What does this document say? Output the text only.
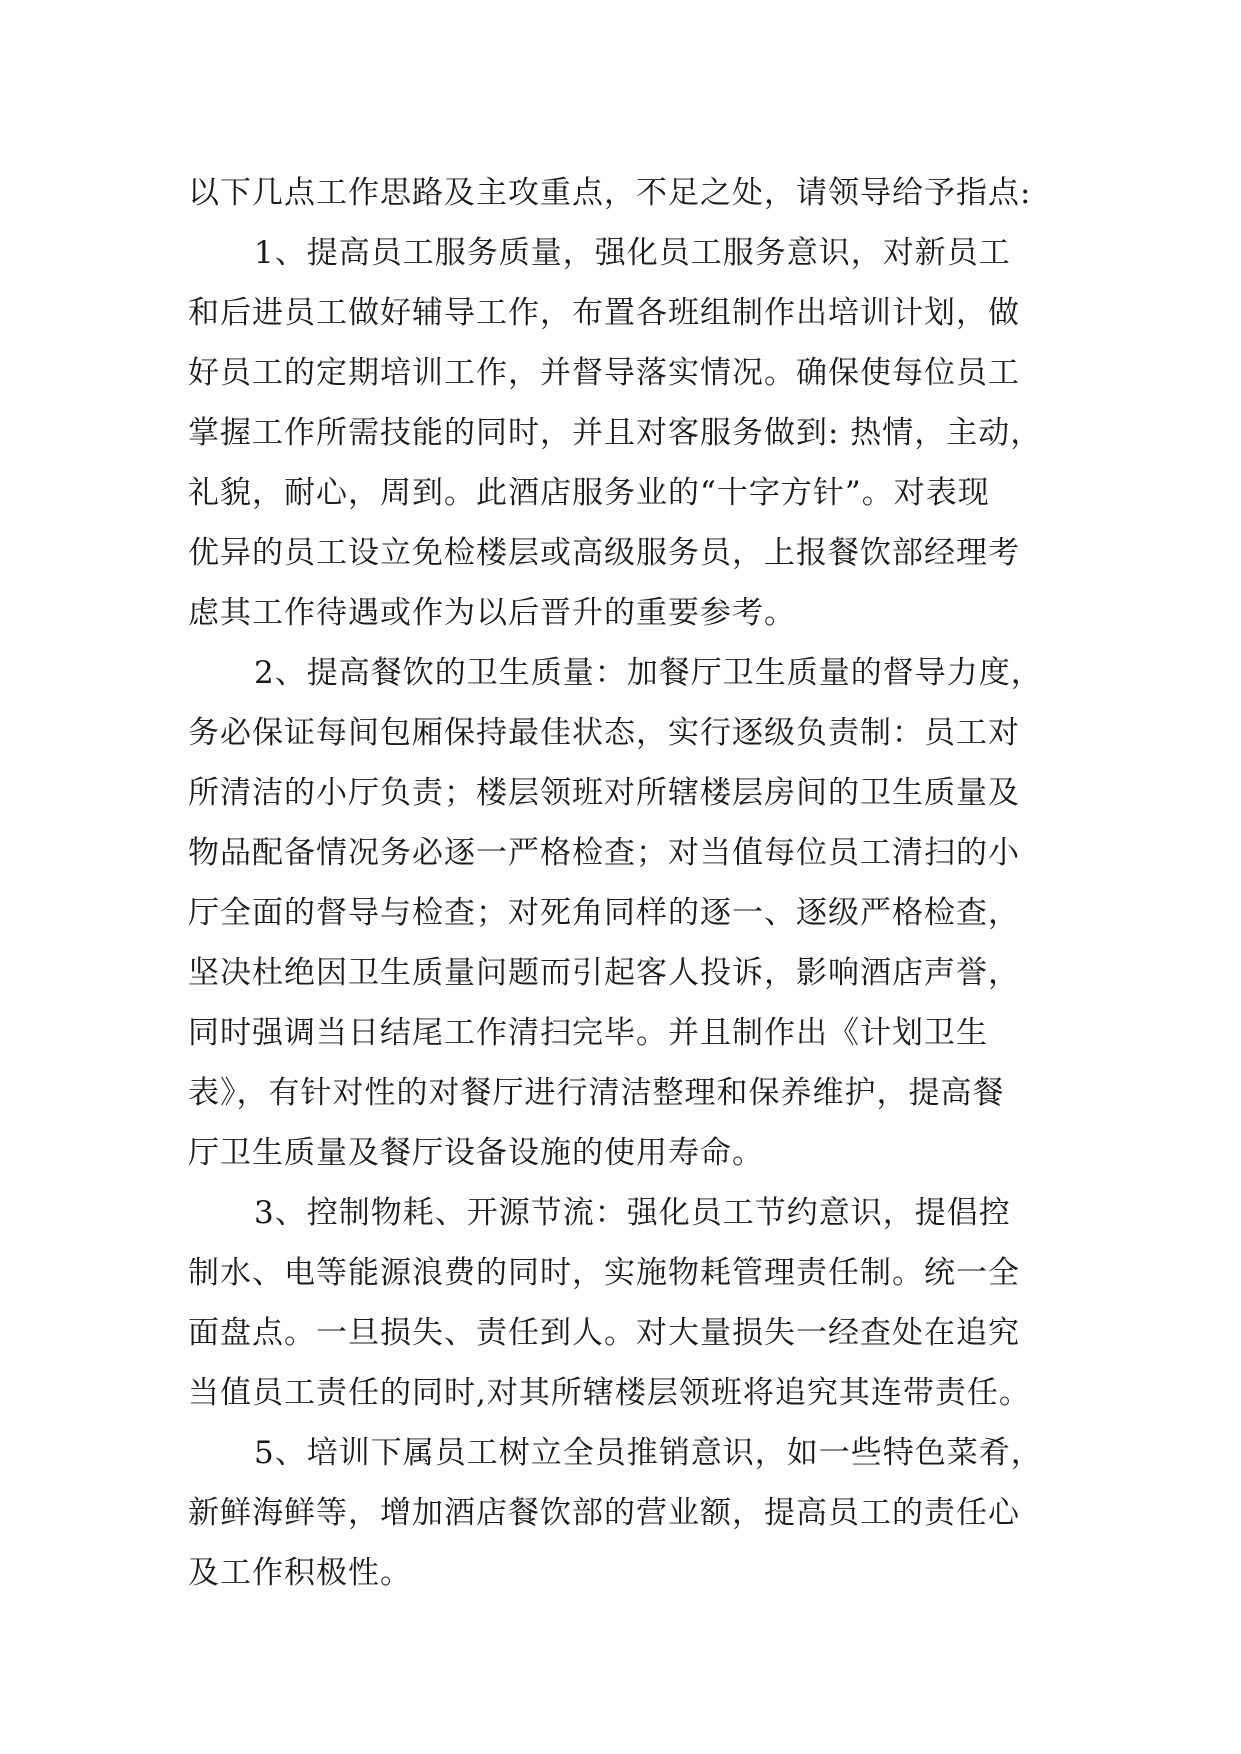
以下几点工作思路及主攻重点，不足之处，请领导给予指点:
1、提高员工服务质量，强化员工服务意识，对新员工
和后进员工做好辅导工作，布置各班组制作出培训计划，做
好员工的定期培训工作，并督导落实情况。确保使每位员工
掌握工作所需技能的同时，并且对客服务做到: 热情，主动，
礼貌，耐心，周到。此酒店服务业的“十字方针”。对表现
优异的员工设立免检楼层或高级服务员，上报餐饮部经理考
虑其工作待遇或作为以后晋升的重要参考。
2、提高餐饮的卫生质量：加餐厅卫生质量的督导力度，
务必保证每间包厢保持最佳状态，实行逐级负责制：员工对
所清洁的小厅负责；楼层领班对所辖楼层房间的卫生质量及
物品配备情况务必逐一严格检查；对当值每位员工清扫的小
厅全面的督导与检查；对死角同样的逐一、逐级严格检查，
坚决杜绝因卫生质量问题而引起客人投诉，影响酒店声誉，
同时强调当日结尾工作清扫完毕。并且制作出《计划卫生
表》，有针对性的对餐厅进行清洁整理和保养维护，提高餐
厅卫生质量及餐厅设备设施的使用寿命。
3、控制物耗、开源节流：强化员工节约意识，提倡控
制水、电等能源浪费的同时，实施物耗管理责任制。统一全
面盘点。一旦损失、责任到人。对大量损失一经查处在追究
当值员工责任的同时,对其所辖楼层领班将追究其连带责任。
5、培训下属员工树立全员推销意识，如一些特色菜肴，
新鲜海鲜等，增加酒店餐饮部的营业额，提高员工的责任心
及工作积极性。
